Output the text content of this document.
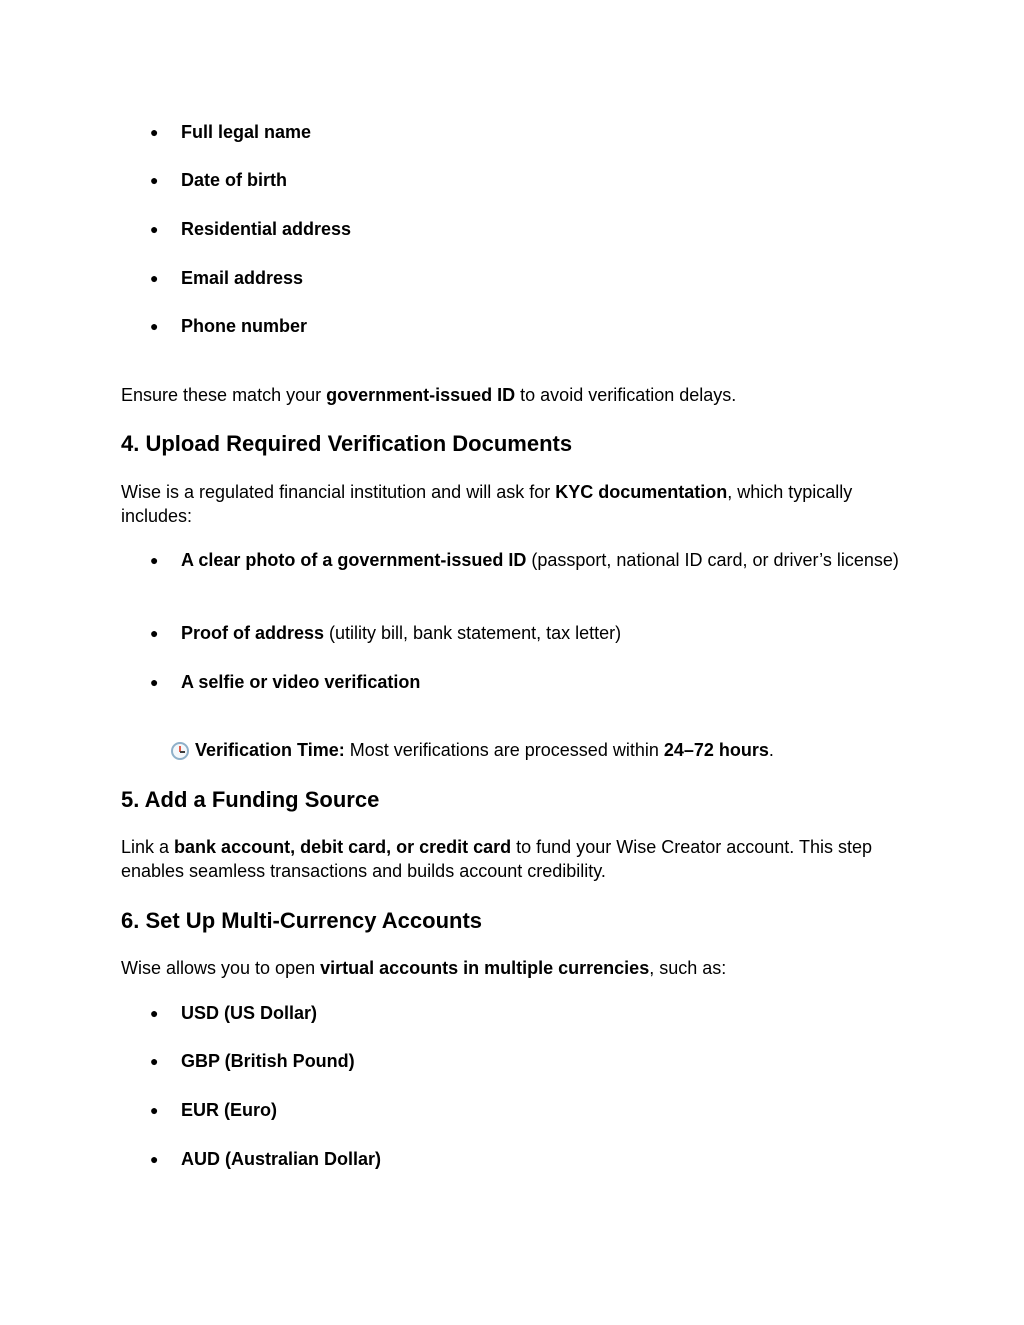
● Full legal name
● Date of birth
● Residential address
● Email address
● Phone number

Ensure these match your government-issued ID to avoid verification delays.

4. Upload Required Verification Documents

Wise is a regulated financial institution and will ask for KYC documentation, which typically includes:

● A clear photo of a government-issued ID (passport, national ID card, or driver’s license)
● Proof of address (utility bill, bank statement, tax letter)
● A selfie or video verification
Verification Time: Most verifications are processed within 24–72 hours.
5. Add a Funding Source

Link a bank account, debit card, or credit card to fund your Wise Creator account. This step enables seamless transactions and builds account credibility.

6. Set Up Multi-Currency Accounts

Wise allows you to open virtual accounts in multiple currencies, such as:

● USD (US Dollar)
● GBP (British Pound)
● EUR (Euro)
● AUD (Australian Dollar)
